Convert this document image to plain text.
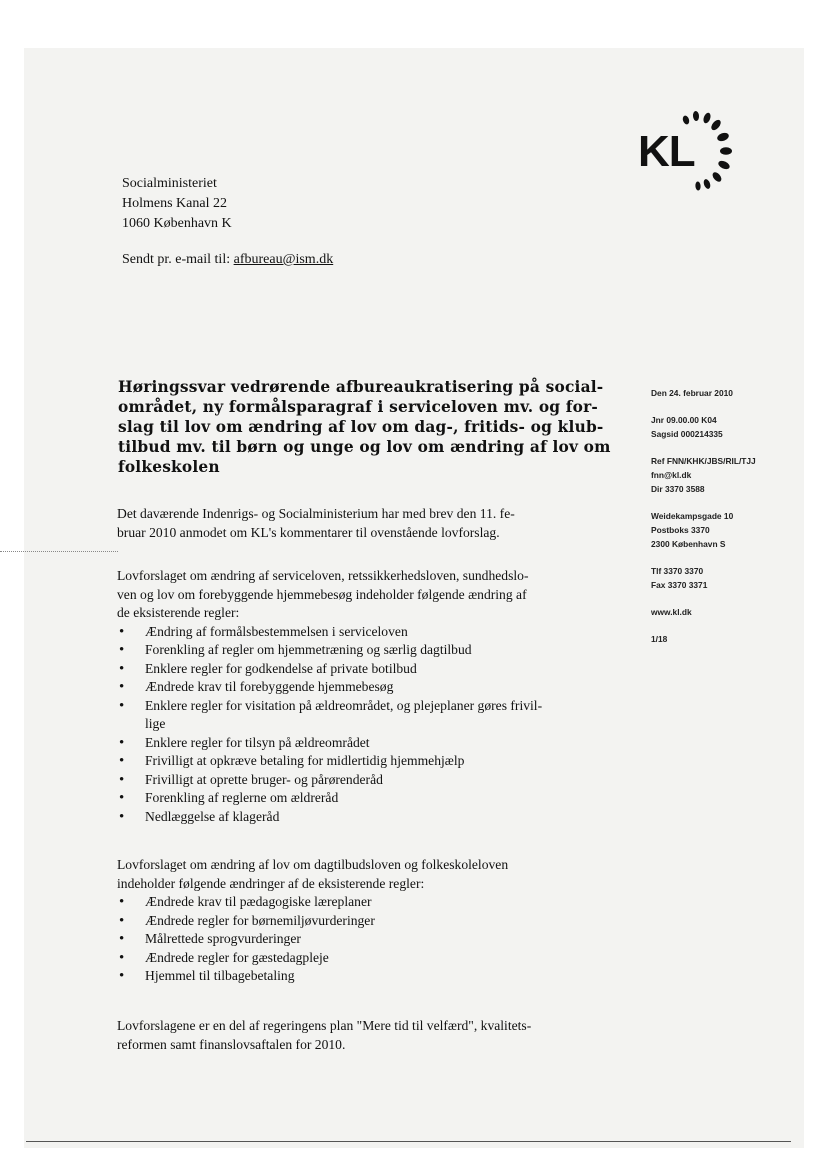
KL
Socialministeriet
Holmens Kanal 22
1060 København K
Sendt pr. e-mail til: afbureau@ism.dk
Høringssvar vedrørende afbureaukratisering på social-
området, ny formålsparagraf i serviceloven mv. og for-
slag til lov om ændring af lov om dag-, fritids- og klub-
tilbud mv. til børn og unge og lov om ændring af lov om
folkeskolen
Det daværende Indenrigs- og Socialministerium har med brev den 11. fe-
bruar 2010 anmodet om KL's kommentarer til ovenstående lovforslag.
Lovforslaget om ændring af serviceloven, retssikkerhedsloven, sundhedslo-
ven og lov om forebyggende hjemmebesøg indeholder følgende ændring af
de eksisterende regler:
• Ændring af formålsbestemmelsen i serviceloven
• Forenkling af regler om hjemmetræning og særlig dagtilbud
• Enklere regler for godkendelse af private botilbud
• Ændrede krav til forebyggende hjemmebesøg
• Enklere regler for visitation på ældreområdet, og plejeplaner gøres frivil-
lige
• Enklere regler for tilsyn på ældreområdet
• Frivilligt at opkræve betaling for midlertidig hjemmehjælp
• Frivilligt at oprette bruger- og pårørenderåd
• Forenkling af reglerne om ældreråd
• Nedlæggelse af klageråd
Lovforslaget om ændring af lov om dagtilbudsloven og folkeskoleloven
indeholder følgende ændringer af de eksisterende regler:
• Ændrede krav til pædagogiske læreplaner
• Ændrede regler for børnemiljøvurderinger
• Målrettede sprogvurderinger
• Ændrede regler for gæstedagpleje
• Hjemmel til tilbagebetaling
Lovforslagene er en del af regeringens plan "Mere tid til velfærd", kvalitets-
reformen samt finanslovsaftalen for 2010.
Den 24. februar 2010
Jnr 09.00.00 K04
Sagsid 000214335
Ref FNN/KHK/JBS/RIL/TJJ
fnn@kl.dk
Dir 3370 3588
Weidekampsgade 10
Postboks 3370
2300 København S
Tlf 3370 3370
Fax 3370 3371
www.kl.dk
1/18
